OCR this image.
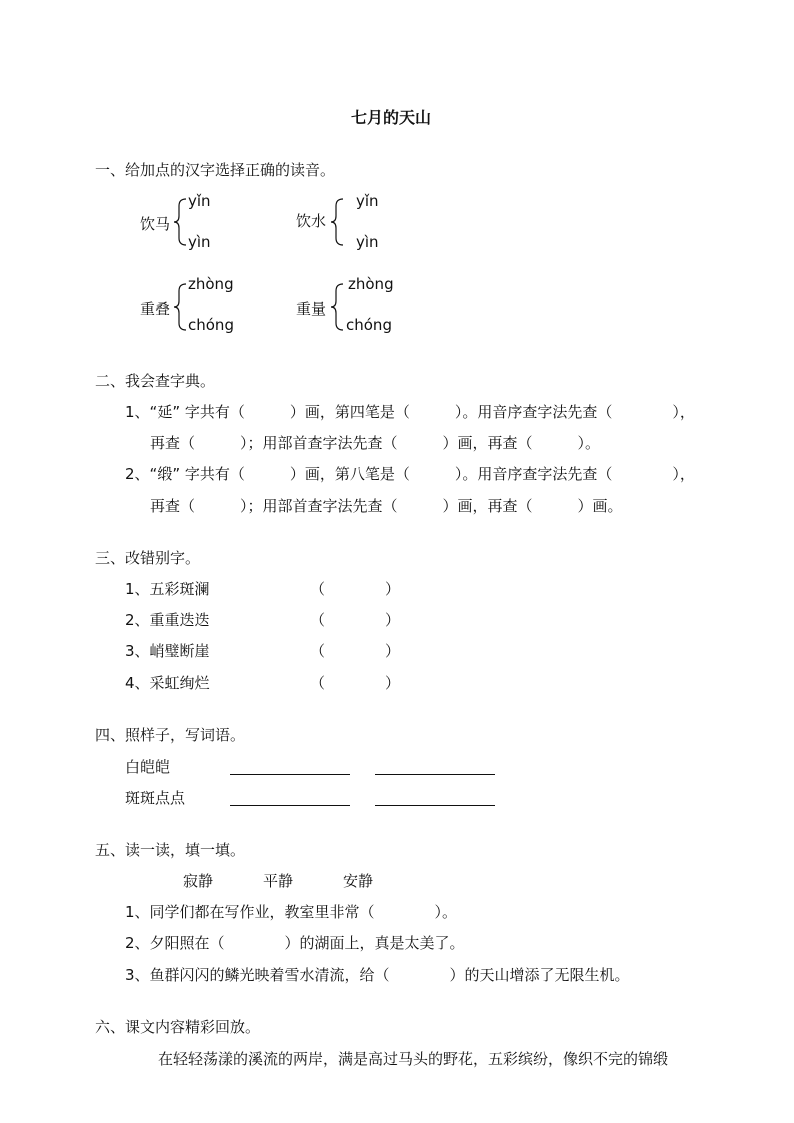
七月的天山
一、给加点的汉字选择正确的读音。
饮马
yǐn
yìn
饮水
yǐn
yìn
重叠
zhòng
chóng
重量
zhòng
chóng
二、我会查字典。
1、“延” 字共有（　　　）画，第四笔是（　　　）。用音序查字法先查（　　　　），
再查（　　　）；用部首查字法先查（　　　）画，再查（　　　）。
2、“缎” 字共有（　　　）画，第八笔是（　　　）。用音序查字法先查（　　　　），
再查（　　　）；用部首查字法先查（　　　）画，再查（　　　）画。
三、改错别字。
1、五彩斑澜	（　　　　）
2、重重迭迭	（　　　　）
3、峭璧断崖	（　　　　）
4、采虹绚烂	（　　　　）
四、照样子，写词语。
白皑皑
斑斑点点
五、读一读，填一填。
寂静	平静	安静
1、同学们都在写作业，教室里非常（　　　　）。
2、夕阳照在（　　　　）的湖面上，真是太美了。
3、鱼群闪闪的鳞光映着雪水清流，给（　　　　）的天山增添了无限生机。
六、课文内容精彩回放。
在轻轻荡漾的溪流的两岸，满是高过马头的野花，五彩缤纷，像织不完的锦缎
